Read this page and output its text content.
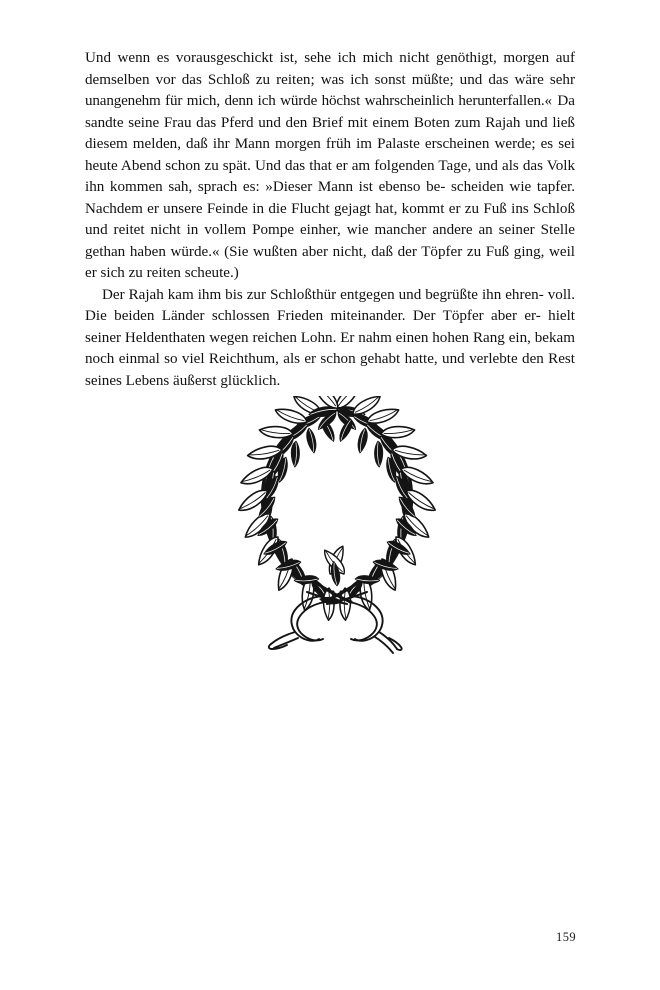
Und wenn es vorausgeschickt ist, sehe ich mich nicht genöthigt, morgen auf demselben vor das Schloß zu reiten; was ich sonst müßte; und das wäre sehr unangenehm für mich, denn ich würde höchst wahrscheinlich herunterfallen.« Da sandte seine Frau das Pferd und den Brief mit einem Boten zum Rajah und ließ diesem melden, daß ihr Mann morgen früh im Palaste erscheinen werde; es sei heute Abend schon zu spät. Und das that er am folgenden Tage, und als das Volk ihn kommen sah, sprach es: »Dieser Mann ist ebenso be- scheiden wie tapfer. Nachdem er unsere Feinde in die Flucht gejagt hat, kommt er zu Fuß ins Schloß und reitet nicht in vollem Pompe einher, wie mancher andere an seiner Stelle gethan haben würde.« (Sie wußten aber nicht, daß der Töpfer zu Fuß ging, weil er sich zu reiten scheute.)

Der Rajah kam ihm bis zur Schloßthür entgegen und begrüßte ihn ehren- voll. Die beiden Länder schlossen Frieden miteinander. Der Töpfer aber er- hielt seiner Heldenthaten wegen reichen Lohn. Er nahm einen hohen Rang ein, bekam noch einmal so viel Reichthum, als er schon gehabt hatte, und verlebte den Rest seines Lebens äußerst glücklich.

159
